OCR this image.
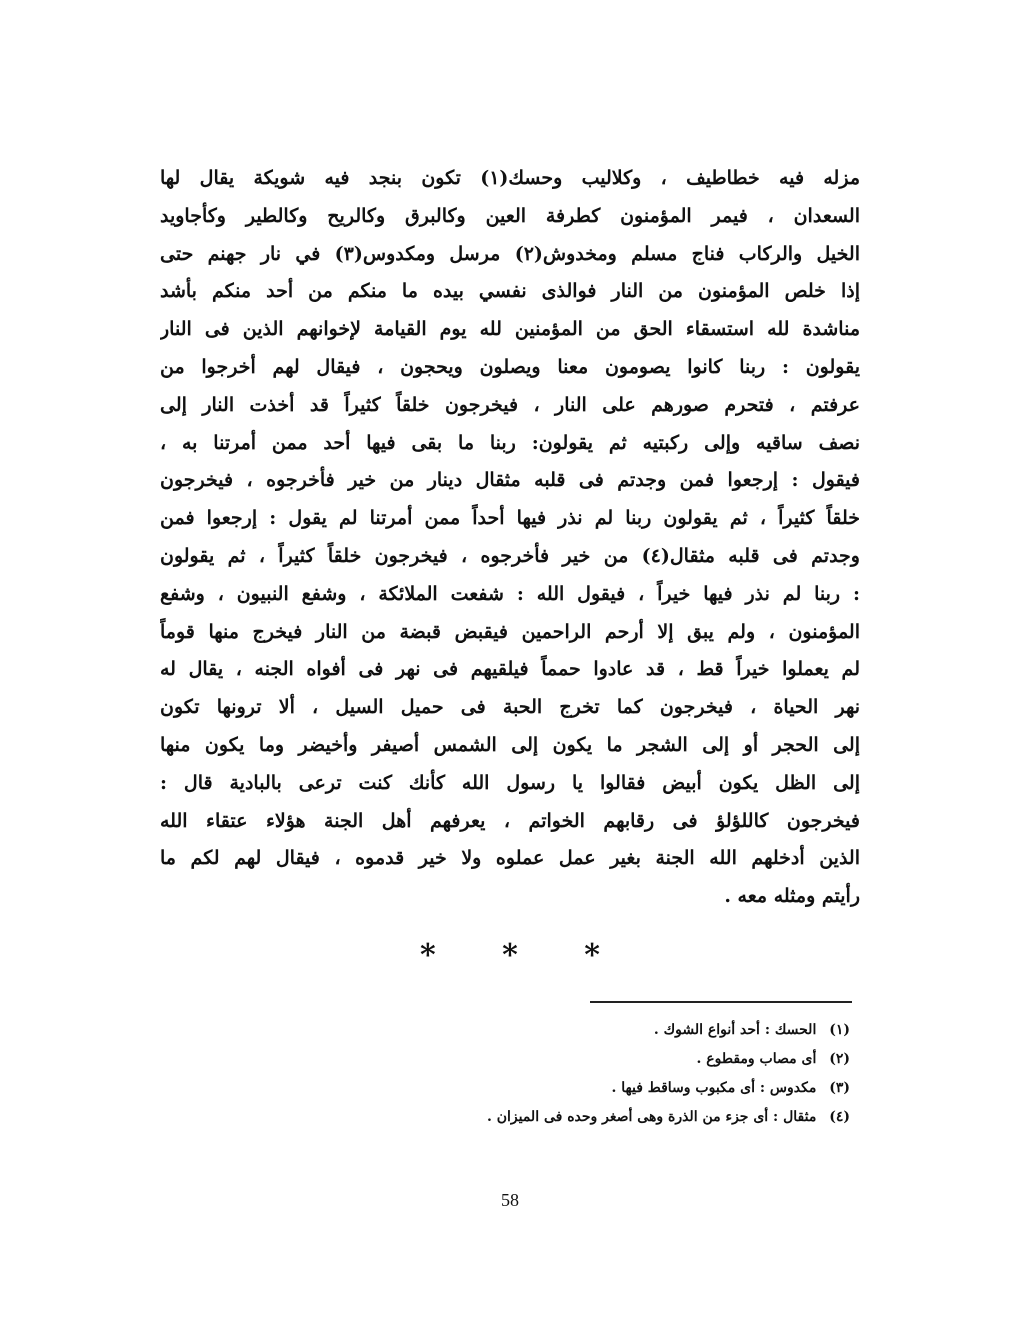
مزله فيه خطاطيف ، وكلاليب وحسك(١) تكون بنجد فيه شويكة يقال لها
السعدان ، فيمر المؤمنون كطرفة العين وكالبرق وكالريح وكالطير وكأجاويد
الخيل والركاب فناج مسلم ومخدوش(٢) مرسل ومكدوس(٣) في نار جهنم حتى
إذا خلص المؤمنون من النار فوالذى نفسي بيده ما منكم من أحد منكم بأشد
مناشدة لله استسقاء الحق من المؤمنين لله يوم القيامة لإخوانهم الذين فى النار
يقولون : ربنا كانوا يصومون معنا ويصلون ويحجون ، فيقال لهم أخرجوا من
عرفتم ، فتحرم صورهم على النار ، فيخرجون خلقاً كثيراً قد أخذت النار إلى
نصف ساقيه وإلى ركبتيه ثم يقولون: ربنا ما بقى فيها أحد ممن أمرتنا به ،
فيقول : إرجعوا فمن وجدتم فى قلبه مثقال دينار من خير فأخرجوه ، فيخرجون
خلقاً كثيراً ، ثم يقولون ربنا لم نذر فيها أحداً ممن أمرتنا لم يقول : إرجعوا فمن
وجدتم فى قلبه مثقال(٤) من خير فأخرجوه ، فيخرجون خلقاً كثيراً ، ثم يقولون
: ربنا لم نذر فيها خيراً ، فيقول الله : شفعت الملائكة ، وشفع النبيون ، وشفع
المؤمنون ، ولم يبق إلا أرحم الراحمين فيقبض قبضة من النار فيخرج منها قوماً
لم يعملوا خيراً قط ، قد عادوا حمماً فيلقيهم فى نهر فى أفواه الجنه ، يقال له
نهر الحياة ، فيخرجون كما تخرج الحبة فى حميل السيل ، ألا ترونها تكون
إلى الحجر أو إلى الشجر ما يكون إلى الشمس أصيفر وأخيضر وما يكون منها
إلى الظل يكون أبيض فقالوا يا رسول الله كأنك كنت ترعى بالبادية قال :
فيخرجون كاللؤلؤ فى رقابهم الخواتم ، يعرفهم أهل الجنة هؤلاء عتقاء الله
الذين أدخلهم الله الجنة بغير عمل عملوه ولا خير قدموه ، فيقال لهم لكم ما
رأيتم ومثله معه .
* * *
(١) الحسك : أحد أنواع الشوك .
(٢) أى مصاب ومقطوع .
(٣) مكدوس : أى مكبوب وساقط فيها .
(٤) مثقال : أى جزء من الذرة وهى أصغر وحده فى الميزان .
58
